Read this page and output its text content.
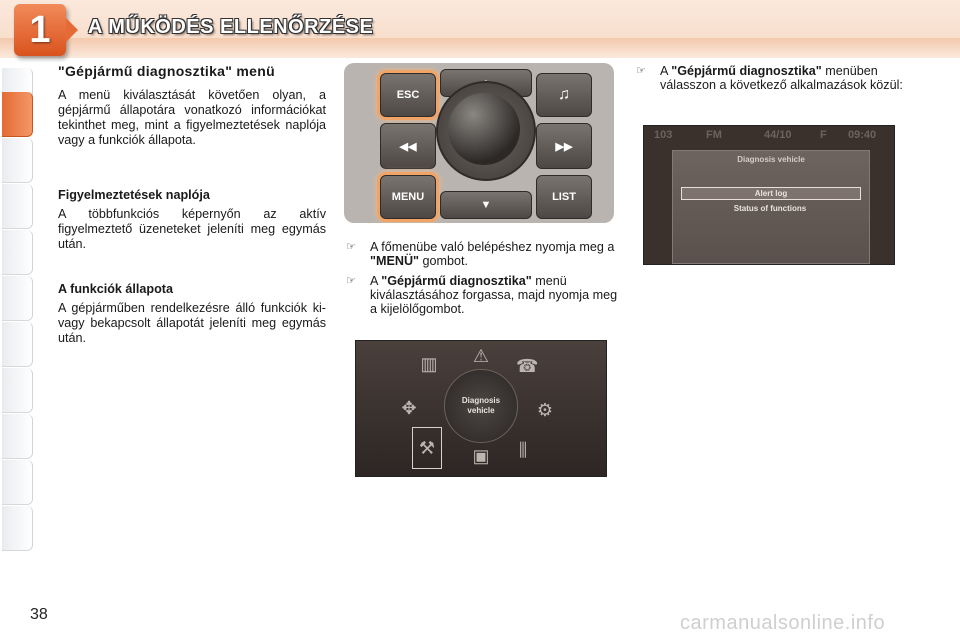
1 A MŰKÖDÉS ELLENŐRZÉSE
"Gépjármű diagnosztika" menü

A menü kiválasztását követően olyan, a gépjármű állapotára vonatkozó információkat tekinthet meg, mint a figyelmeztetések naplója vagy a funkciók állapota.

Figyelmeztetések naplója

A többfunkciós képernyőn az aktív figyelmeztető üzeneteket jeleníti meg egymás után.

A funkciók állapota

A gépjárműben rendelkezésre álló funkciók ki- vagy bekapcsolt állapotát jeleníti meg egymás után.

ESC	♫
◀◀	▶▶
MENU
▼
LIST
☞ A főmenübe való belépéshez nyomja meg a "MENÜ" gombot.
☞ A "Gépjármű diagnosztika" menü kiválasztásához forgassa, majd nyomja meg a kijelölőgombot.
▥ ⚠ ☎
✥	⚙
⚒	▣	⫼
Diagnosis
vehicle
☞ A "Gépjármű diagnosztika" menüben válasszon a következő alkalmazások közül:
103	FM	44/10	F 09:40
Diagnosis vehicle
Alert log
Status of functions
38	carmanualsonline.info
